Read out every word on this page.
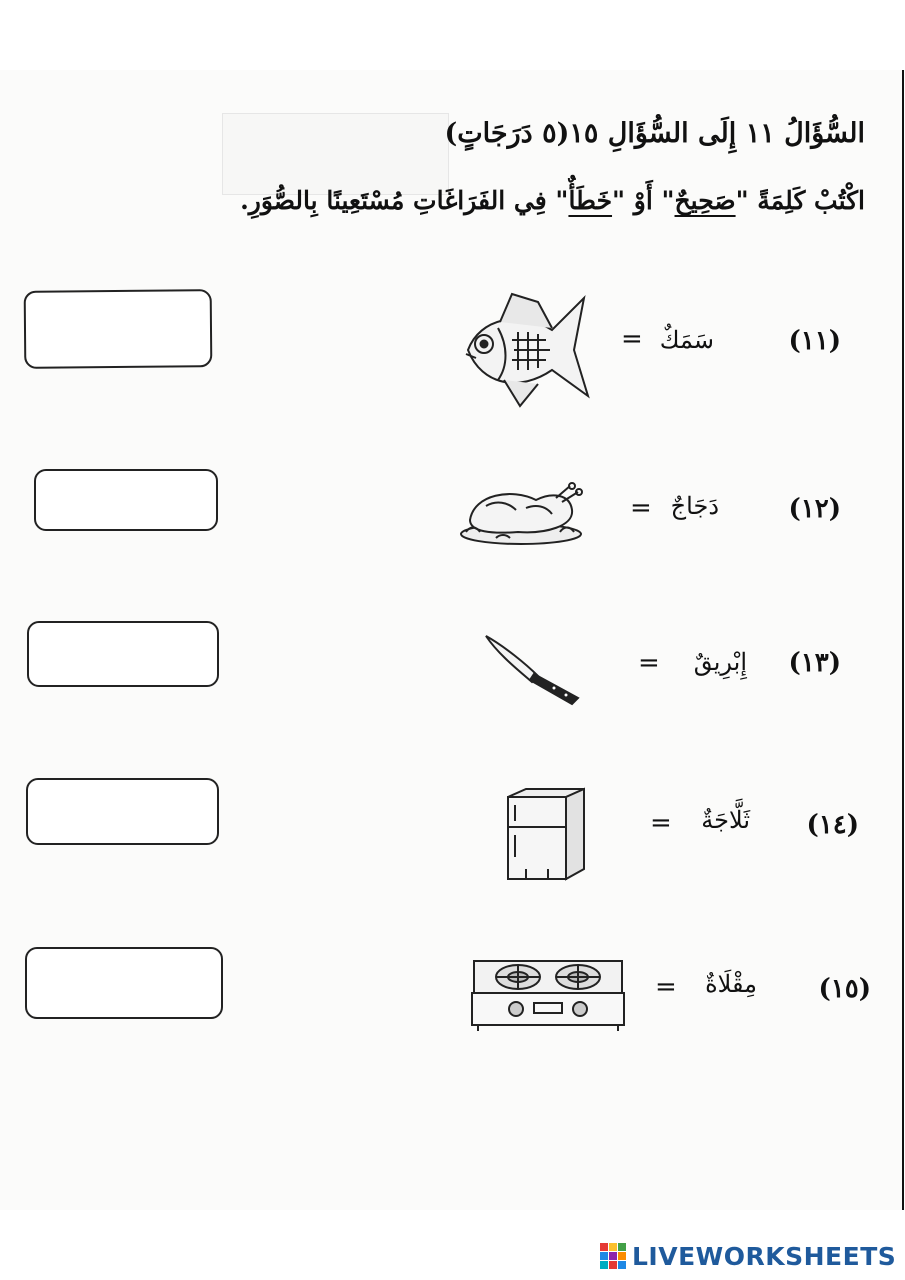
السُّؤَالُ ١١ إِلَى السُّؤَالِ ١٥(٥ دَرَجَاتٍ)
اكْتُبْ كَلِمَةً "صَحِيحٌ" أَوْ "خَطَأٌ" فِي الفَرَاغَاتِ مُسْتَعِينًا بِالصُّوَرِ.
(١١)
سَمَكٌ
=
(١٢)
دَجَاجٌ
=
(١٣)
إِبْرِيقٌ
=
(١٤)
ثَلَّاجَةٌ
=
(١٥)
مِقْلَاةٌ
=
LIVEWORKSHEETS
